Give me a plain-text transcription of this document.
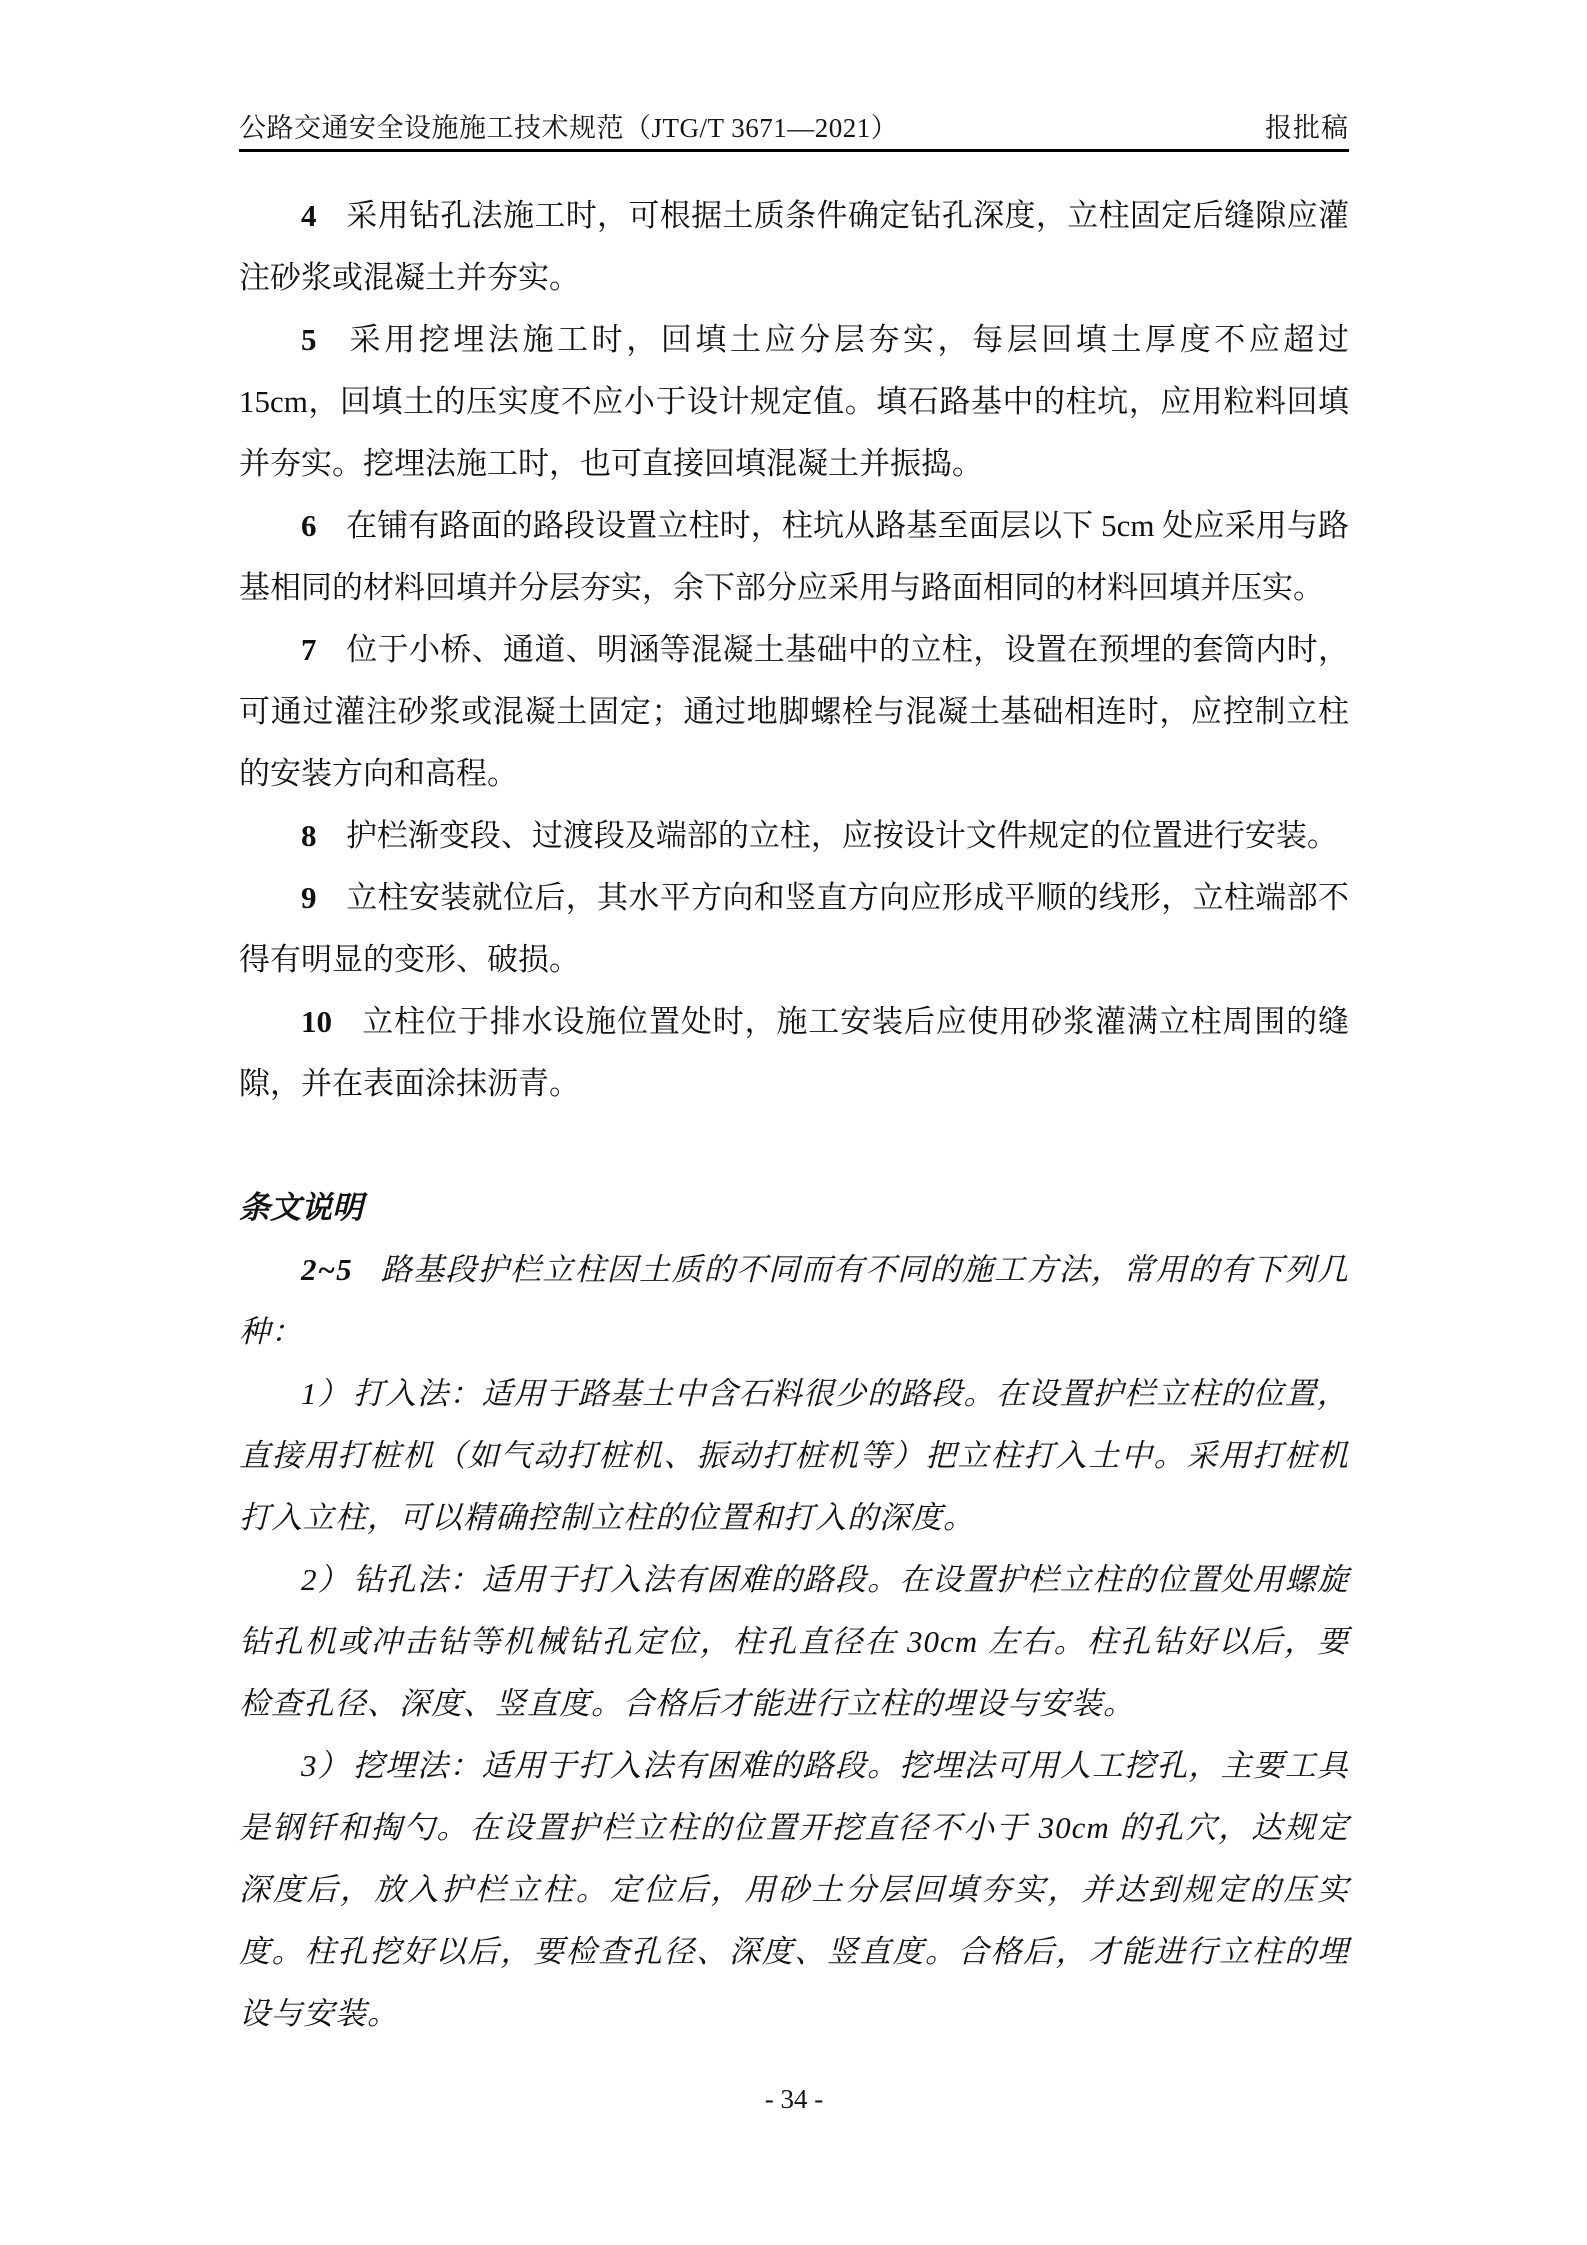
公路交通安全设施施工技术规范（JTG/T 3671—2021）	报批稿

4 采用钻孔法施工时，可根据土质条件确定钻孔深度，立柱固定后缝隙应灌注砂浆或混凝土并夯实。

5 采用挖埋法施工时，回填土应分层夯实，每层回填土厚度不应超过 15cm，回填土的压实度不应小于设计规定值。填石路基中的柱坑，应用粒料回填并夯实。挖埋法施工时，也可直接回填混凝土并振捣。

6 在铺有路面的路段设置立柱时，柱坑从路基至面层以下 5cm 处应采用与路基相同的材料回填并分层夯实，余下部分应采用与路面相同的材料回填并压实。

7 位于小桥、通道、明涵等混凝土基础中的立柱，设置在预埋的套筒内时，可通过灌注砂浆或混凝土固定；通过地脚螺栓与混凝土基础相连时，应控制立柱的安装方向和高程。

8 护栏渐变段、过渡段及端部的立柱，应按设计文件规定的位置进行安装。

9 立柱安装就位后，其水平方向和竖直方向应形成平顺的线形，立柱端部不得有明显的变形、破损。

10 立柱位于排水设施位置处时，施工安装后应使用砂浆灌满立柱周围的缝隙，并在表面涂抹沥青。

条文说明

2~5 路基段护栏立柱因土质的不同而有不同的施工方法，常用的有下列几种：

1）打入法：适用于路基土中含石料很少的路段。在设置护栏立柱的位置，直接用打桩机（如气动打桩机、振动打桩机等）把立柱打入土中。采用打桩机打入立柱，可以精确控制立柱的位置和打入的深度。

2）钻孔法：适用于打入法有困难的路段。在设置护栏立柱的位置处用螺旋钻孔机或冲击钻等机械钻孔定位，柱孔直径在 30cm 左右。柱孔钻好以后，要检查孔径、深度、竖直度。合格后才能进行立柱的埋设与安装。

3）挖埋法：适用于打入法有困难的路段。挖埋法可用人工挖孔，主要工具是钢钎和掏勺。在设置护栏立柱的位置开挖直径不小于 30cm 的孔穴，达规定深度后，放入护栏立柱。定位后，用砂土分层回填夯实，并达到规定的压实度。柱孔挖好以后，要检查孔径、深度、竖直度。合格后，才能进行立柱的埋设与安装。

- 34 -
